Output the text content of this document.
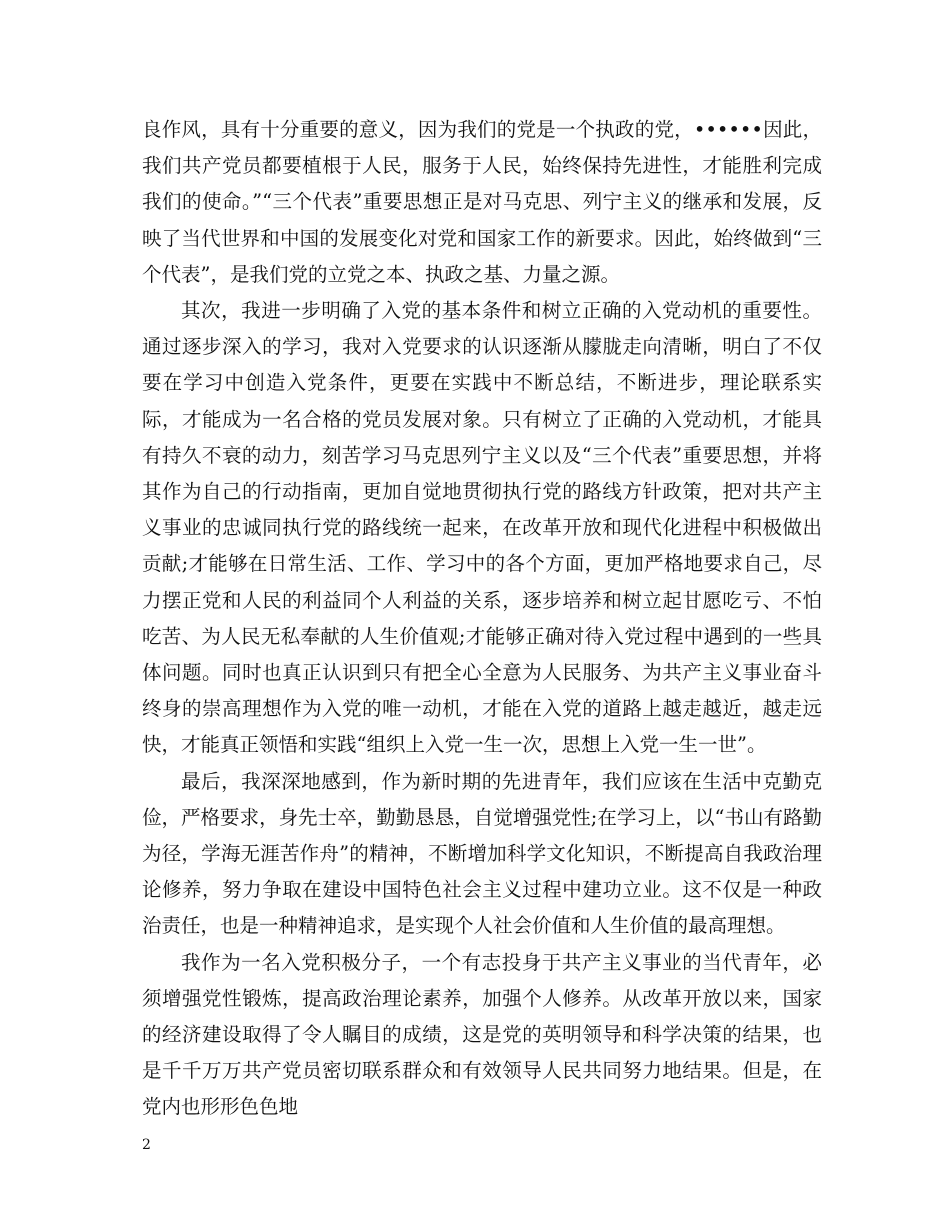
良作风，具有十分重要的意义，因为我们的党是一个执政的党，••••••因此，我们共产党员都要植根于人民，服务于人民，始终保持先进性，才能胜利完成我们的使命。”“三个代表”重要思想正是对马克思、列宁主义的继承和发展，反映了当代世界和中国的发展变化对党和国家工作的新要求。因此，始终做到“三个代表”，是我们党的立党之本、执政之基、力量之源。

其次，我进一步明确了入党的基本条件和树立正确的入党动机的重要性。通过逐步深入的学习，我对入党要求的认识逐渐从朦胧走向清晰，明白了不仅要在学习中创造入党条件，更要在实践中不断总结，不断进步，理论联系实际，才能成为一名合格的党员发展对象。只有树立了正确的入党动机，才能具有持久不衰的动力，刻苦学习马克思列宁主义以及“三个代表”重要思想，并将其作为自己的行动指南，更加自觉地贯彻执行党的路线方针政策，把对共产主义事业的忠诚同执行党的路线统一起来，在改革开放和现代化进程中积极做出贡献;才能够在日常生活、工作、学习中的各个方面，更加严格地要求自己，尽力摆正党和人民的利益同个人利益的关系，逐步培养和树立起甘愿吃亏、不怕吃苦、为人民无私奉献的人生价值观;才能够正确对待入党过程中遇到的一些具体问题。同时也真正认识到只有把全心全意为人民服务、为共产主义事业奋斗终身的崇高理想作为入党的唯一动机，才能在入党的道路上越走越近，越走远快，才能真正领悟和实践“组织上入党一生一次，思想上入党一生一世”。

最后，我深深地感到，作为新时期的先进青年，我们应该在生活中克勤克俭，严格要求，身先士卒，勤勤恳恳，自觉增强党性;在学习上，以“书山有路勤为径，学海无涯苦作舟”的精神，不断增加科学文化知识，不断提高自我政治理论修养，努力争取在建设中国特色社会主义过程中建功立业。这不仅是一种政治责任，也是一种精神追求，是实现个人社会价值和人生价值的最高理想。

我作为一名入党积极分子，一个有志投身于共产主义事业的当代青年，必须增强党性锻炼，提高政治理论素养，加强个人修养。从改革开放以来，国家的经济建设取得了令人瞩目的成绩，这是党的英明领导和科学决策的结果，也是千千万万共产党员密切联系群众和有效领导人民共同努力地结果。但是，在党内也形形色色地

2
